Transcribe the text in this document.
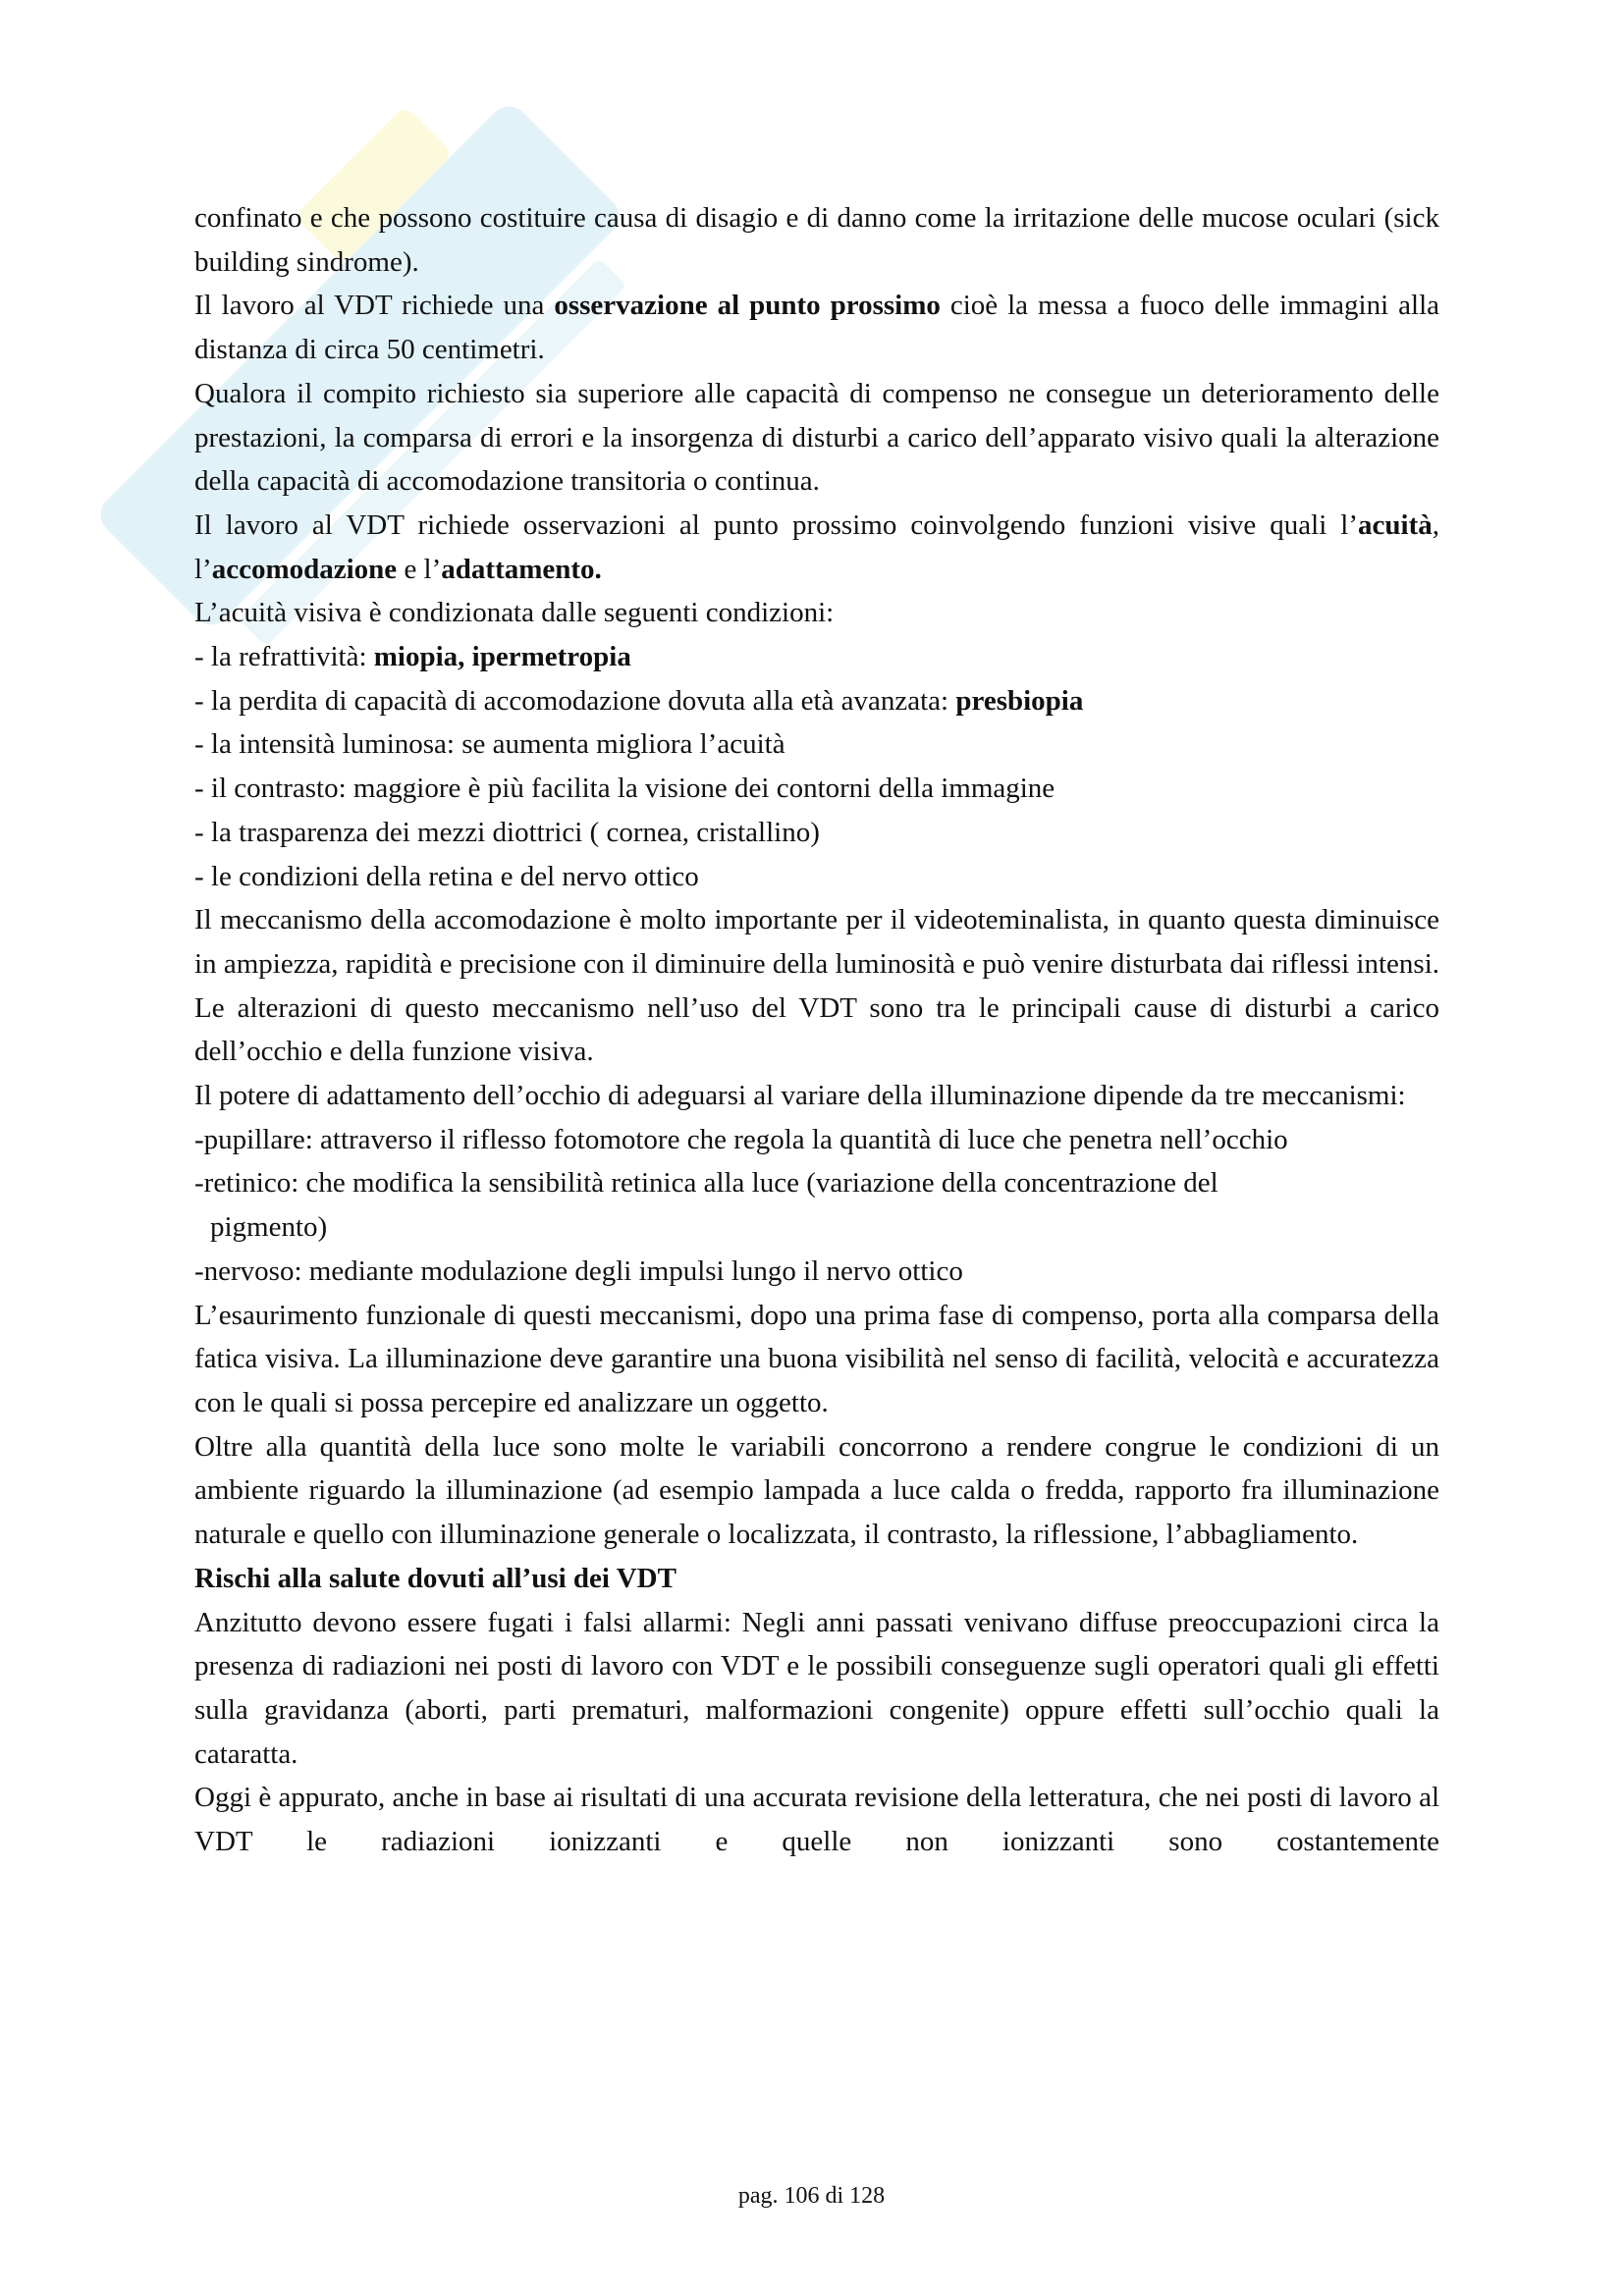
confinato e che possono costituire causa di disagio e di danno come la irritazione delle mucose oculari (sick building sindrome).

Il lavoro al VDT richiede una osservazione al punto prossimo cioè la messa a fuoco delle immagini alla distanza di circa 50 centimetri.

Qualora il compito richiesto sia superiore alle capacità di compenso ne consegue un deterioramento delle prestazioni, la comparsa di errori e la insorgenza di disturbi a carico dell’apparato visivo quali la alterazione della capacità di accomodazione transitoria o continua.

Il lavoro al VDT richiede osservazioni al punto prossimo coinvolgendo funzioni visive quali l’acuità, l’accomodazione e l’adattamento.

L’acuità visiva è condizionata dalle seguenti condizioni:

- la refrattività: miopia, ipermetropia

- la perdita di capacità di accomodazione dovuta alla età avanzata: presbiopia

- la intensità luminosa: se aumenta migliora l’acuità

- il contrasto: maggiore è più facilita la visione dei contorni della immagine

- la trasparenza dei mezzi diottrici ( cornea, cristallino)

- le condizioni della retina e del nervo ottico

Il meccanismo della accomodazione è molto importante per il videoteminalista, in quanto questa diminuisce in ampiezza, rapidità e precisione con il diminuire della luminosità e può venire disturbata dai riflessi intensi. Le alterazioni di questo meccanismo nell’uso del VDT sono tra le principali cause di disturbi a carico dell’occhio e della funzione visiva.

Il potere di adattamento dell’occhio di adeguarsi al variare della illuminazione dipende da tre meccanismi:

-pupillare: attraverso il riflesso fotomotore che regola la quantità di luce che penetra nell’occhio

-retinico: che modifica la sensibilità retinica alla luce (variazione della concentrazione del

pigmento)

-nervoso: mediante modulazione degli impulsi lungo il nervo ottico

L’esaurimento funzionale di questi meccanismi, dopo una prima fase di compenso, porta alla comparsa della fatica visiva. La illuminazione deve garantire una buona visibilità nel senso di facilità, velocità e accuratezza con le quali si possa percepire ed analizzare un oggetto.

Oltre alla quantità della luce sono molte le variabili concorrono a rendere congrue le condizioni di un ambiente riguardo la illuminazione (ad esempio lampada a luce calda o fredda, rapporto fra illuminazione naturale e quello con illuminazione generale o localizzata, il contrasto, la riflessione, l’abbagliamento.

Rischi alla salute dovuti all’usi dei VDT

Anzitutto devono essere fugati i falsi allarmi: Negli anni passati venivano diffuse preoccupazioni circa la presenza di radiazioni nei posti di lavoro con VDT e le possibili conseguenze sugli operatori quali gli effetti sulla gravidanza (aborti, parti prematuri, malformazioni congenite) oppure effetti sull’occhio quali la cataratta.

Oggi è appurato, anche in base ai risultati di una accurata revisione della letteratura, che nei posti di lavoro al VDT le radiazioni ionizzanti e quelle non ionizzanti sono costantemente

pag. 106 di 128
